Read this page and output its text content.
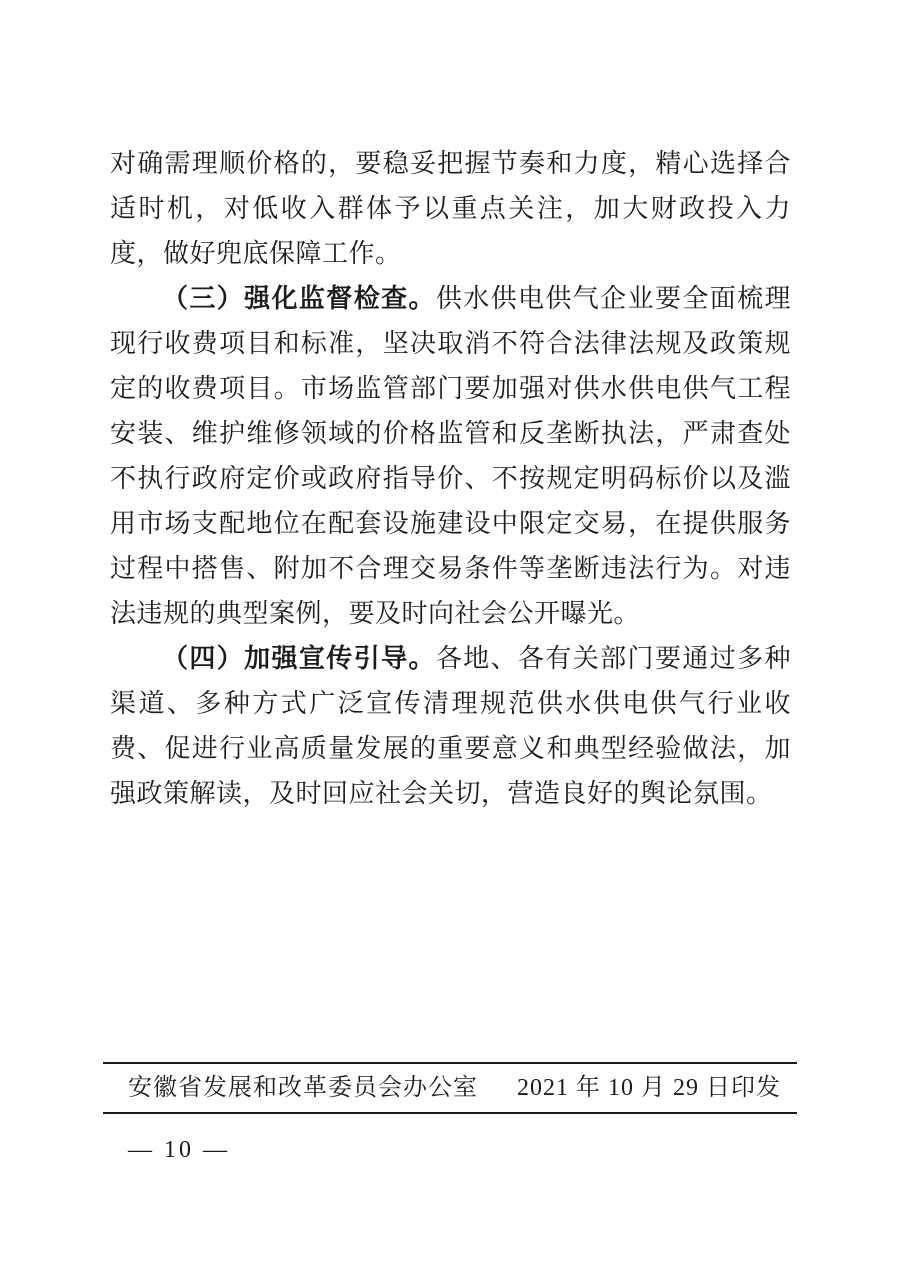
对确需理顺价格的，要稳妥把握节奏和力度，精心选择合适时机，对低收入群体予以重点关注，加大财政投入力度，做好兜底保障工作。

（三）强化监督检查。供水供电供气企业要全面梳理现行收费项目和标准，坚决取消不符合法律法规及政策规定的收费项目。市场监管部门要加强对供水供电供气工程安装、维护维修领域的价格监管和反垄断执法，严肃查处不执行政府定价或政府指导价、不按规定明码标价以及滥用市场支配地位在配套设施建设中限定交易，在提供服务过程中搭售、附加不合理交易条件等垄断违法行为。对违法违规的典型案例，要及时向社会公开曝光。

（四）加强宣传引导。各地、各有关部门要通过多种渠道、多种方式广泛宣传清理规范供水供电供气行业收费、促进行业高质量发展的重要意义和典型经验做法，加强政策解读，及时回应社会关切，营造良好的舆论氛围。

安徽省发展和改革委员会办公室 2021 年 10 月 29 日印发
— 10 —
